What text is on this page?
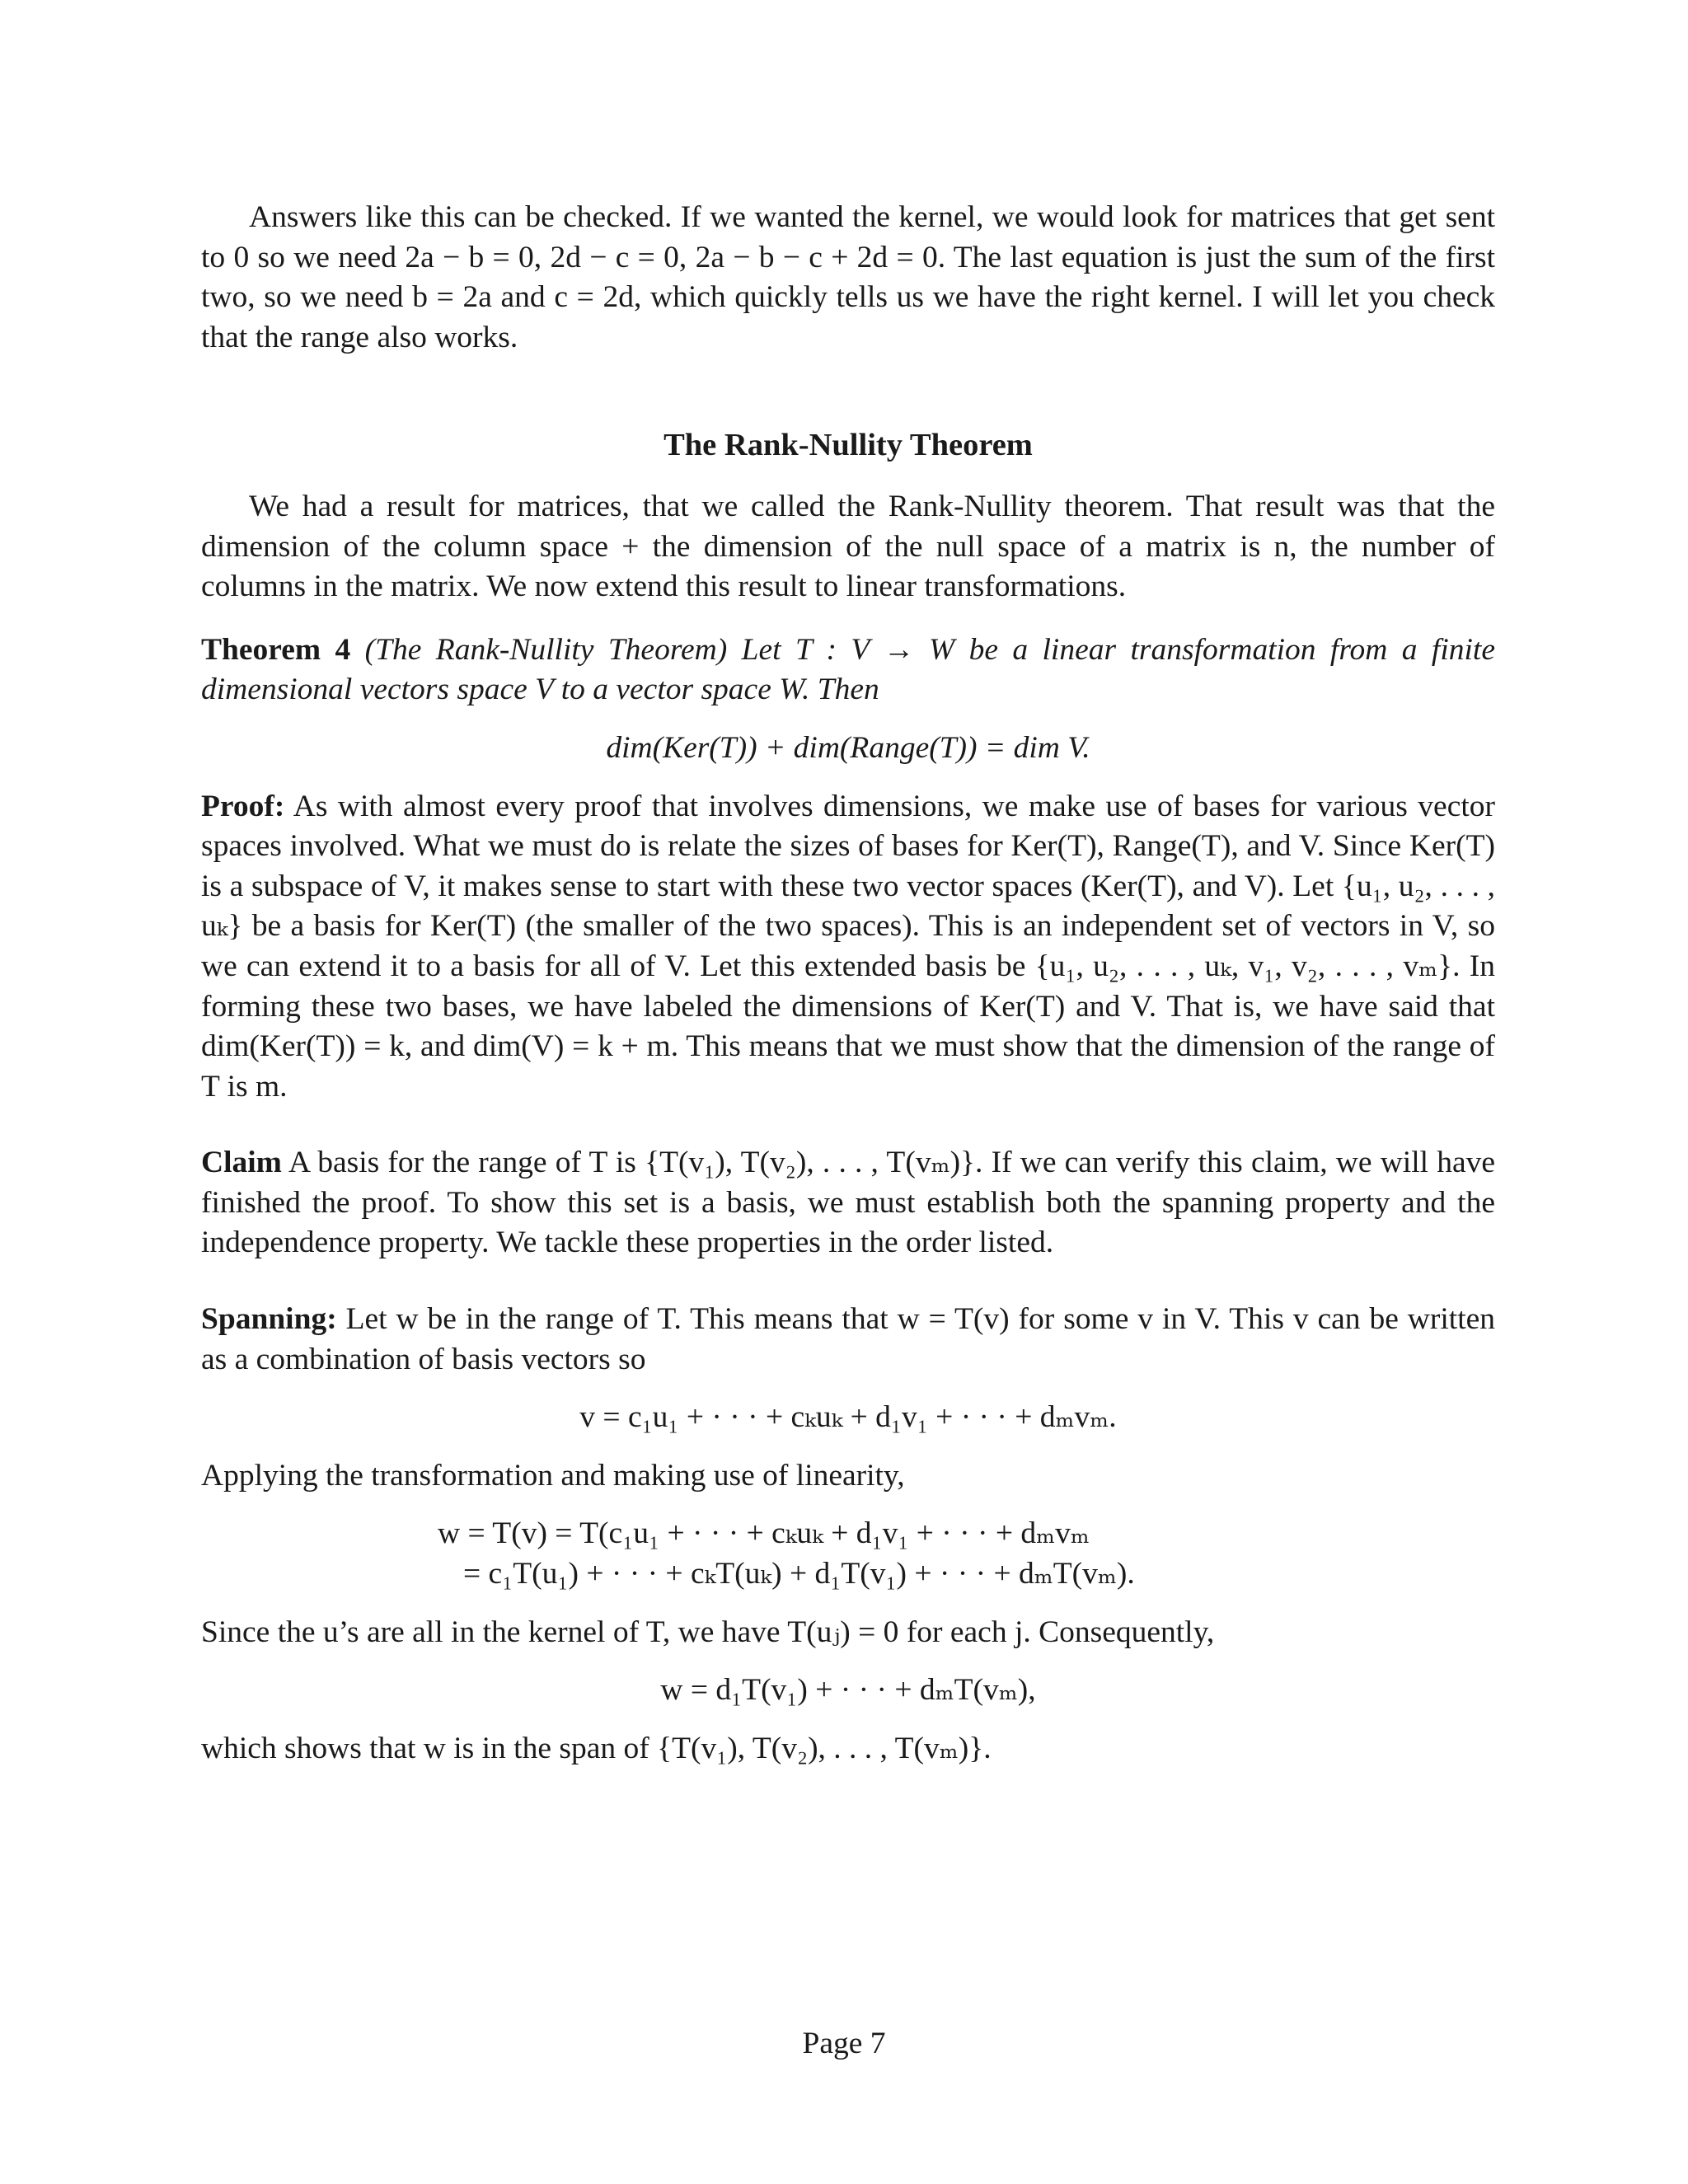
Answers like this can be checked. If we wanted the kernel, we would look for matrices that get sent to 0 so we need 2a − b = 0, 2d − c = 0, 2a − b − c + 2d = 0. The last equation is just the sum of the first two, so we need b = 2a and c = 2d, which quickly tells us we have the right kernel. I will let you check that the range also works.

The Rank-Nullity Theorem

We had a result for matrices, that we called the Rank-Nullity theorem. That result was that the dimension of the column space + the dimension of the null space of a matrix is n, the number of columns in the matrix. We now extend this result to linear transformations.

Theorem 4 (The Rank-Nullity Theorem) Let T : V → W be a linear transformation from a finite dimensional vectors space V to a vector space W. Then

dim(Ker(T)) + dim(Range(T)) = dim V.

Proof: As with almost every proof that involves dimensions, we make use of bases for various vector spaces involved. What we must do is relate the sizes of bases for Ker(T), Range(T), and V. Since Ker(T) is a subspace of V, it makes sense to start with these two vector spaces (Ker(T), and V). Let {u₁, u₂, . . . , uₖ} be a basis for Ker(T) (the smaller of the two spaces). This is an independent set of vectors in V, so we can extend it to a basis for all of V. Let this extended basis be {u₁, u₂, . . . , uₖ, v₁, v₂, . . . , vₘ}. In forming these two bases, we have labeled the dimensions of Ker(T) and V. That is, we have said that dim(Ker(T)) = k, and dim(V) = k + m. This means that we must show that the dimension of the range of T is m.

Claim A basis for the range of T is {T(v₁), T(v₂), . . . , T(vₘ)}. If we can verify this claim, we will have finished the proof. To show this set is a basis, we must establish both the spanning property and the independence property. We tackle these properties in the order listed.

Spanning: Let w be in the range of T. This means that w = T(v) for some v in V. This v can be written as a combination of basis vectors so

v = c₁u₁ + · · · + cₖuₖ + d₁v₁ + · · · + dₘvₘ.

Applying the transformation and making use of linearity,

w = T(v) = T(c₁u₁ + · · · + cₖuₖ + d₁v₁ + · · · + dₘvₘ
= c₁T(u₁) + · · · + cₖT(uₖ) + d₁T(v₁) + · · · + dₘT(vₘ).

Since the u’s are all in the kernel of T, we have T(uⱼ) = 0 for each j. Consequently,

w = d₁T(v₁) + · · · + dₘT(vₘ),

which shows that w is in the span of {T(v₁), T(v₂), . . . , T(vₘ)}.

Page 7
